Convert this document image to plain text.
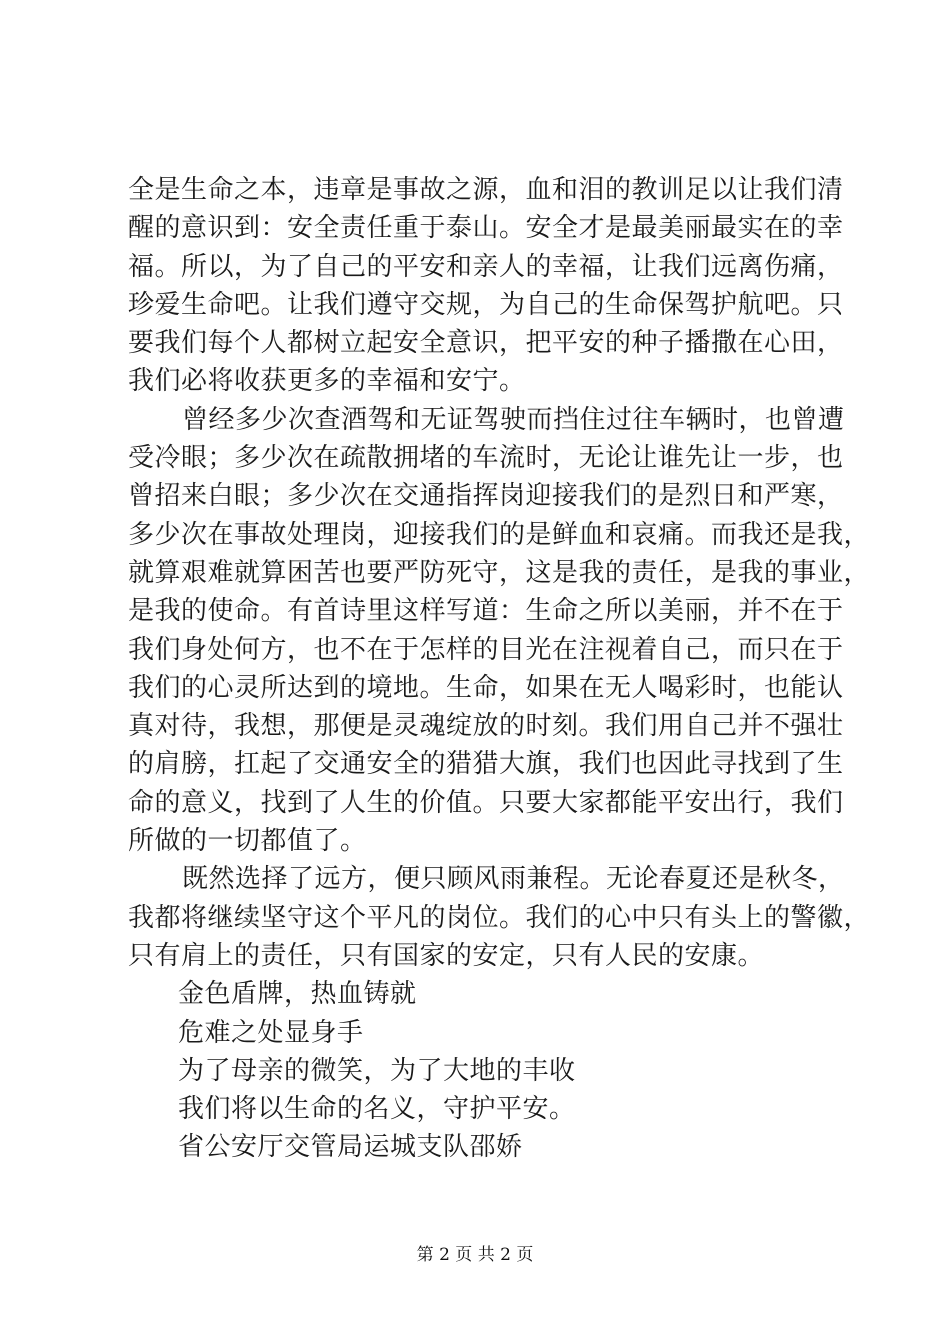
全是生命之本，违章是事故之源，血和泪的教训足以让我们清
醒的意识到：安全责任重于泰山。安全才是最美丽最实在的幸
福。所以，为了自己的平安和亲人的幸福，让我们远离伤痛，
珍爱生命吧。让我们遵守交规，为自己的生命保驾护航吧。只
要我们每个人都树立起安全意识，把平安的种子播撒在心田，
我们必将收获更多的幸福和安宁。
曾经多少次查酒驾和无证驾驶而挡住过往车辆时，也曾遭
受冷眼；多少次在疏散拥堵的车流时，无论让谁先让一步，也
曾招来白眼；多少次在交通指挥岗迎接我们的是烈日和严寒，
多少次在事故处理岗，迎接我们的是鲜血和哀痛。而我还是我，
就算艰难就算困苦也要严防死守，这是我的责任，是我的事业，
是我的使命。有首诗里这样写道：生命之所以美丽，并不在于
我们身处何方，也不在于怎样的目光在注视着自己，而只在于
我们的心灵所达到的境地。生命，如果在无人喝彩时，也能认
真对待，我想，那便是灵魂绽放的时刻。我们用自己并不强壮
的肩膀，扛起了交通安全的猎猎大旗，我们也因此寻找到了生
命的意义，找到了人生的价值。只要大家都能平安出行，我们
所做的一切都值了。
既然选择了远方，便只顾风雨兼程。无论春夏还是秋冬，
我都将继续坚守这个平凡的岗位。我们的心中只有头上的警徽，
只有肩上的责任，只有国家的安定，只有人民的安康。
金色盾牌，热血铸就
危难之处显身手
为了母亲的微笑，为了大地的丰收
我们将以生命的名义，守护平安。
省公安厅交管局运城支队邵娇
第 2 页 共 2 页
